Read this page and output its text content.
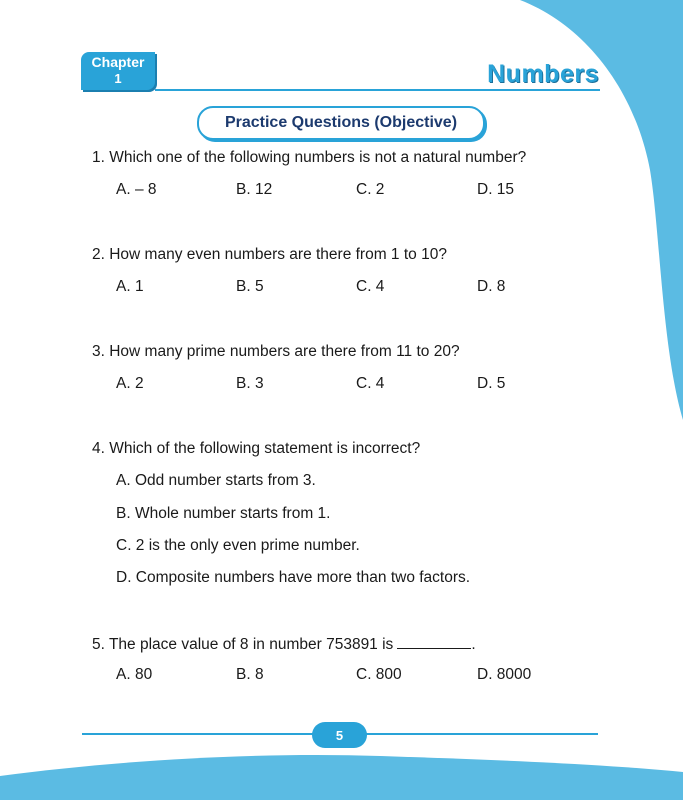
Chapter
1	Numbers
Practice Questions (Objective)
1. Which one of the following numbers is not a natural number?
A. – 8	B. 12	C. 2	D. 15
2. How many even numbers are there from 1 to 10?
A. 1	B. 5	C. 4	D. 8
3. How many prime numbers are there from 11 to 20?
A. 2	B. 3	C. 4	D. 5
4. Which of the following statement is incorrect?
A. Odd number starts from 3.
B. Whole number starts from 1.
C. 2 is the only even prime number.
D. Composite numbers have more than two factors.
5. The place value of 8 in number 753891 is	.
A. 80	B. 8	C. 800	D. 8000
5
